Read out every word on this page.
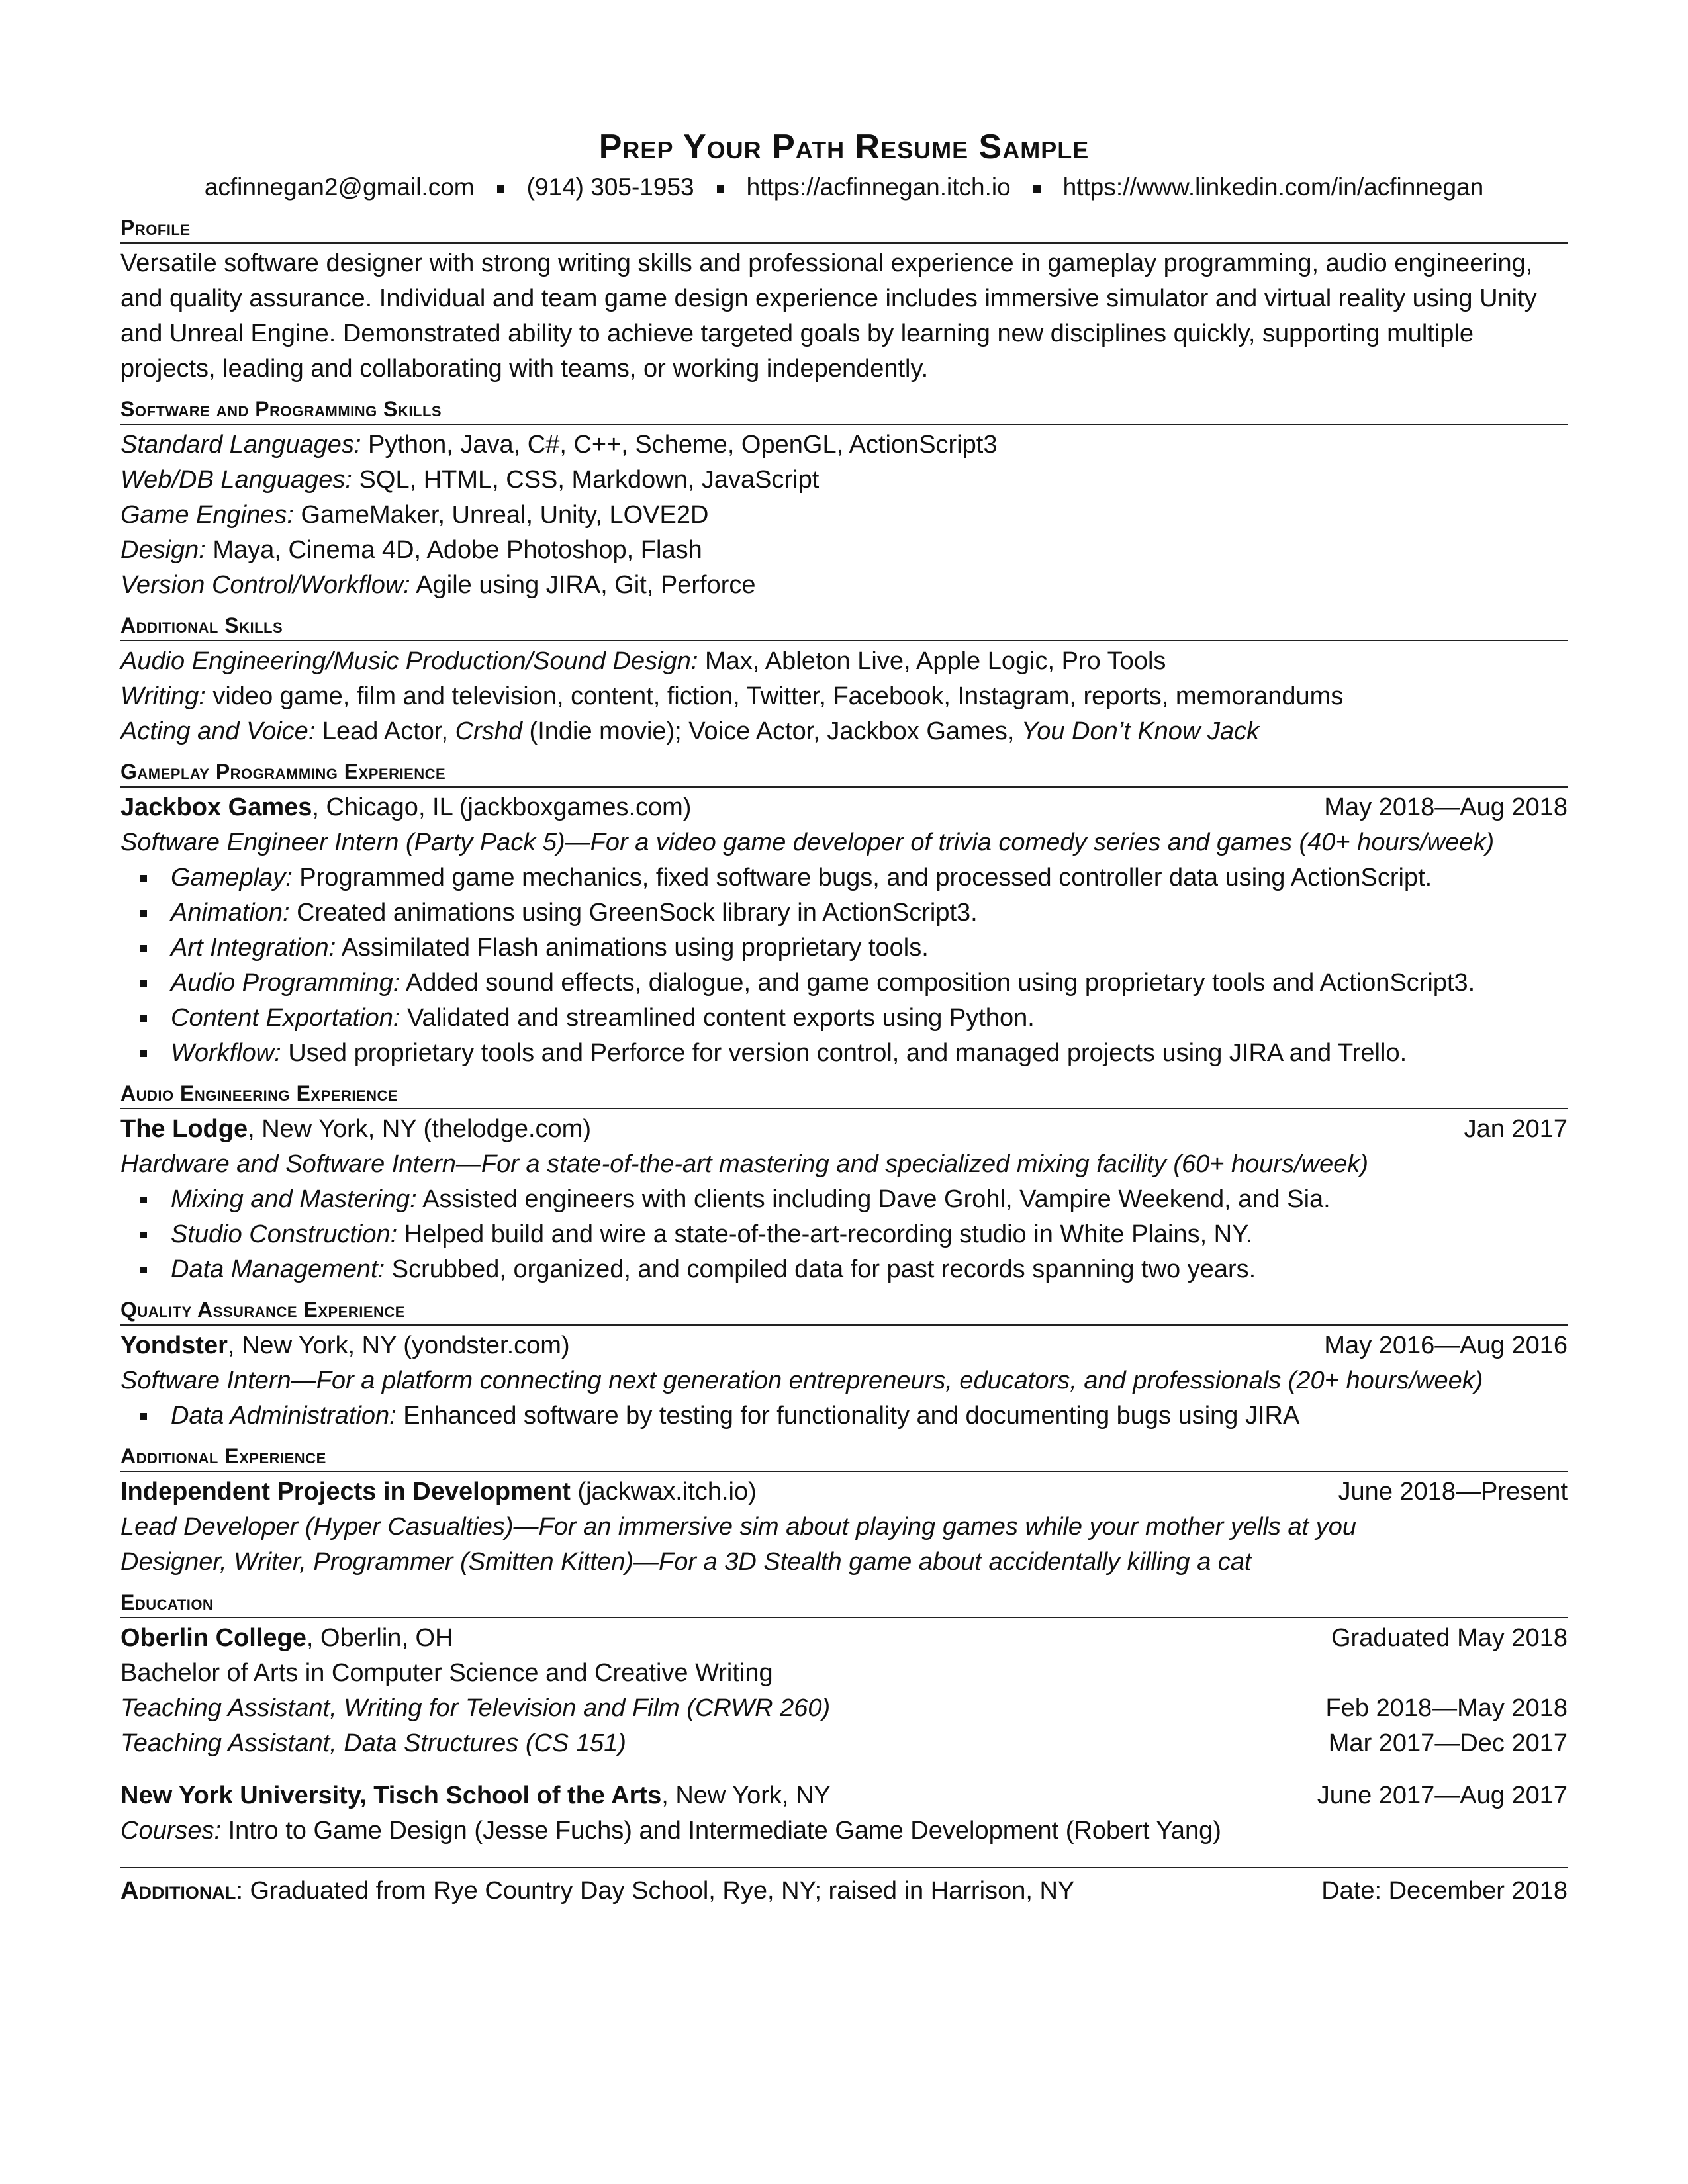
Prep Your Path Resume Sample
acfinnegan2@gmail.com (914) 305-1953 https://acfinnegan.itch.io https://www.linkedin.com/in/acfinnegan
Profile

Versatile software designer with strong writing skills and professional experience in gameplay programming, audio engineering, and quality assurance. Individual and team game design experience includes immersive simulator and virtual reality using Unity and Unreal Engine. Demonstrated ability to achieve targeted goals by learning new disciplines quickly, supporting multiple projects, leading and collaborating with teams, or working independently.

Software and Programming Skills
Standard Languages: Python, Java, C#, C++, Scheme, OpenGL, ActionScript3
Web/DB Languages: SQL, HTML, CSS, Markdown, JavaScript
Game Engines: GameMaker, Unreal, Unity, LOVE2D
Design: Maya, Cinema 4D, Adobe Photoshop, Flash
Version Control/Workflow: Agile using JIRA, Git, Perforce
Additional Skills
Audio Engineering/Music Production/Sound Design: Max, Ableton Live, Apple Logic, Pro Tools
Writing: video game, film and television, content, fiction, Twitter, Facebook, Instagram, reports, memorandums
Acting and Voice: Lead Actor, Crshd (Indie movie); Voice Actor, Jackbox Games, You Don’t Know Jack
Gameplay Programming Experience
Jackbox Games, Chicago, IL (jackboxgames.com)	May 2018—Aug 2018
Software Engineer Intern (Party Pack 5)—For a video game developer of trivia comedy series and games (40+ hours/week)
Gameplay: Programmed game mechanics, fixed software bugs, and processed controller data using ActionScript.
Animation: Created animations using GreenSock library in ActionScript3.
Art Integration: Assimilated Flash animations using proprietary tools.
Audio Programming: Added sound effects, dialogue, and game composition using proprietary tools and ActionScript3.
Content Exportation: Validated and streamlined content exports using Python.
Workflow: Used proprietary tools and Perforce for version control, and managed projects using JIRA and Trello.
Audio Engineering Experience
The Lodge, New York, NY (thelodge.com)	Jan 2017
Hardware and Software Intern—For a state-of-the-art mastering and specialized mixing facility (60+ hours/week)
Mixing and Mastering: Assisted engineers with clients including Dave Grohl, Vampire Weekend, and Sia.
Studio Construction: Helped build and wire a state-of-the-art-recording studio in White Plains, NY.
Data Management: Scrubbed, organized, and compiled data for past records spanning two years.
Quality Assurance Experience
Yondster, New York, NY (yondster.com)	May 2016—Aug 2016
Software Intern—For a platform connecting next generation entrepreneurs, educators, and professionals (20+ hours/week)
Data Administration: Enhanced software by testing for functionality and documenting bugs using JIRA
Additional Experience
Independent Projects in Development (jackwax.itch.io)	June 2018—Present
Lead Developer (Hyper Casualties)—For an immersive sim about playing games while your mother yells at you
Designer, Writer, Programmer (Smitten Kitten)—For a 3D Stealth game about accidentally killing a cat
Education
Oberlin College, Oberlin, OH	Graduated May 2018
Bachelor of Arts in Computer Science and Creative Writing
Teaching Assistant, Writing for Television and Film (CRWR 260)	Feb 2018—May 2018
Teaching Assistant, Data Structures (CS 151)	Mar 2017—Dec 2017
New York University, Tisch School of the Arts, New York, NY	June 2017—Aug 2017
Courses: Intro to Game Design (Jesse Fuchs) and Intermediate Game Development (Robert Yang)
Additional: Graduated from Rye Country Day School, Rye, NY; raised in Harrison, NY	Date: December 2018
